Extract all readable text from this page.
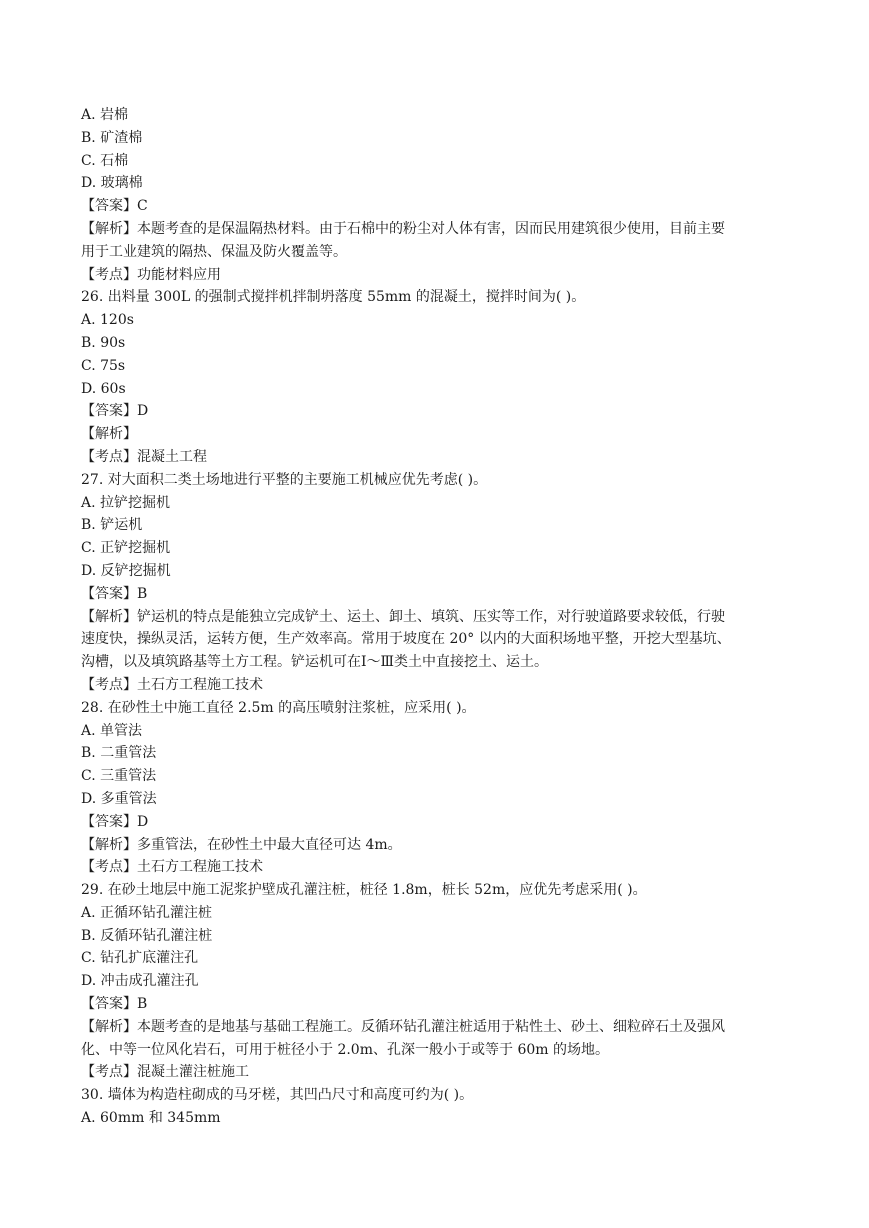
A. 岩棉
B. 矿渣棉
C. 石棉
D. 玻璃棉
【答案】C
【解析】本题考查的是保温隔热材料。由于石棉中的粉尘对人体有害，因而民用建筑很少使用，目前主要
用于工业建筑的隔热、保温及防火覆盖等。
【考点】功能材料应用
26. 出料量 300L 的强制式搅拌机拌制坍落度 55mm 的混凝土，搅拌时间为( )。
A. 120s
B. 90s
C. 75s
D. 60s
【答案】D
【解析】
【考点】混凝土工程
27. 对大面积二类土场地进行平整的主要施工机械应优先考虑( )。
A. 拉铲挖掘机
B. 铲运机
C. 正铲挖掘机
D. 反铲挖掘机
【答案】B
【解析】铲运机的特点是能独立完成铲土、运土、卸土、填筑、压实等工作，对行驶道路要求较低，行驶
速度快，操纵灵活，运转方便，生产效率高。常用于坡度在 20° 以内的大面积场地平整，开挖大型基坑、
沟槽，以及填筑路基等土方工程。铲运机可在Ⅰ～Ⅲ类土中直接挖土、运土。
【考点】土石方工程施工技术
28. 在砂性土中施工直径 2.5m 的高压喷射注浆桩，应采用( )。
A. 单管法
B. 二重管法
C. 三重管法
D. 多重管法
【答案】D
【解析】多重管法，在砂性土中最大直径可达 4m。
【考点】土石方工程施工技术
29. 在砂土地层中施工泥浆护壁成孔灌注桩，桩径 1.8m，桩长 52m，应优先考虑采用( )。
A. 正循环钻孔灌注桩
B. 反循环钻孔灌注桩
C. 钻孔扩底灌注孔
D. 冲击成孔灌注孔
【答案】B
【解析】本题考查的是地基与基础工程施工。反循环钻孔灌注桩适用于粘性土、砂土、细粒碎石土及强风
化、中等一位风化岩石，可用于桩径小于 2.0m、孔深一般小于或等于 60m 的场地。
【考点】混凝土灌注桩施工
30. 墙体为构造柱砌成的马牙槎，其凹凸尺寸和高度可约为( )。
A. 60mm 和 345mm
